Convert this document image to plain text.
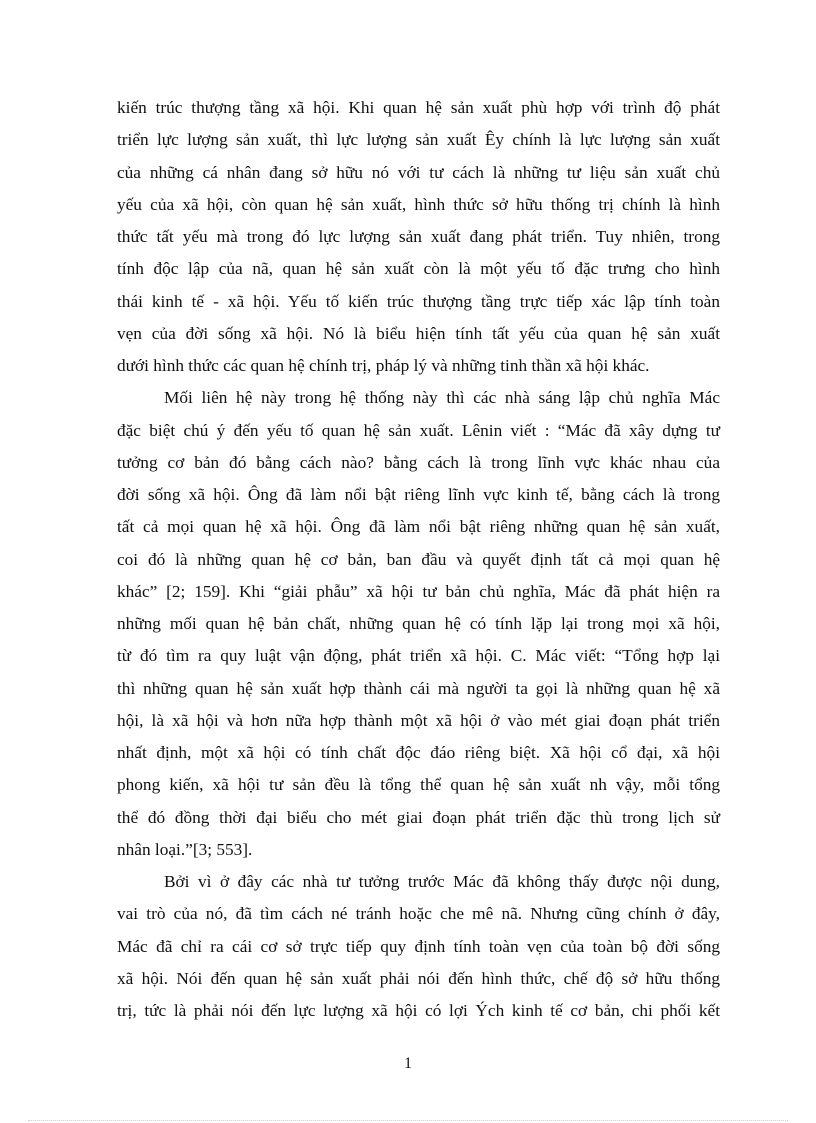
kiến trúc thượng tầng xã hội. Khi quan hệ sản xuất phù hợp với trình độ phát
triển lực lượng sản xuất, thì lực lượng sản xuất Êy chính là lực lượng sản xuất
của những cá nhân đang sở hữu nó với tư cách là những tư liệu sản xuất chủ
yếu của xã hội, còn quan hệ sản xuất, hình thức sở hữu thống trị chính là hình
thức tất yếu mà trong đó lực lượng sản xuất đang phát triển. Tuy nhiên, trong
tính độc lập của nã, quan hệ sản xuất còn là một yếu tố đặc trưng cho hình
thái kinh tế - xã hội. Yếu tố kiến trúc thượng tầng trực tiếp xác lập tính toàn
vẹn của đời sống xã hội. Nó là biểu hiện tính tất yếu của quan hệ sản xuất
dưới hình thức các quan hệ chính trị, pháp lý và những tinh thần xã hội khác.
Mối liên hệ này trong hệ thống này thì các nhà sáng lập chủ nghĩa Mác
đặc biệt chú ý đến yếu tố quan hệ sản xuất. Lênin viết : “Mác đã xây dựng tư
tưởng cơ bản đó bằng cách nào? bằng cách là trong lĩnh vực khác nhau của
đời sống xã hội. Ông đã làm nổi bật riêng lĩnh vực kinh tế, bằng cách là trong
tất cả mọi quan hệ xã hội. Ông đã làm nổi bật riêng những quan hệ sản xuất,
coi đó là những quan hệ cơ bản, ban đầu và quyết định tất cả mọi quan hệ
khác” [2; 159]. Khi “giải phẫu” xã hội tư bản chủ nghĩa, Mác đã phát hiện ra
những mối quan hệ bản chất, những quan hệ có tính lặp lại trong mọi xã hội,
từ đó tìm ra quy luật vận động, phát triển xã hội. C. Mác viết: “Tổng hợp lại
thì những quan hệ sản xuất hợp thành cái mà người ta gọi là những quan hệ xã
hội, là xã hội và hơn nữa hợp thành một xã hội ở vào mét giai đoạn phát triển
nhất định, một xã hội có tính chất độc đáo riêng biệt. Xã hội cổ đại, xã hội
phong kiến, xã hội tư sản đều là tổng thể quan hệ sản xuất nh vậy, mỗi tổng
thể đó đồng thời đại biểu cho mét giai đoạn phát triển đặc thù trong lịch sử
nhân loại.”[3; 553].
Bởi vì ở đây các nhà tư tưởng trước Mác đã không thấy được nội dung,
vai trò của nó, đã tìm cách né tránh hoặc che mê nã. Nhưng cũng chính ở đây,
Mác đã chỉ ra cái cơ sở trực tiếp quy định tính toàn vẹn của toàn bộ đời sống
xã hội. Nói đến quan hệ sản xuất phải nói đến hình thức, chế độ sở hữu thống
trị, tức là phải nói đến lực lượng xã hội có lợi Ých kinh tế cơ bản, chi phối kết
1
